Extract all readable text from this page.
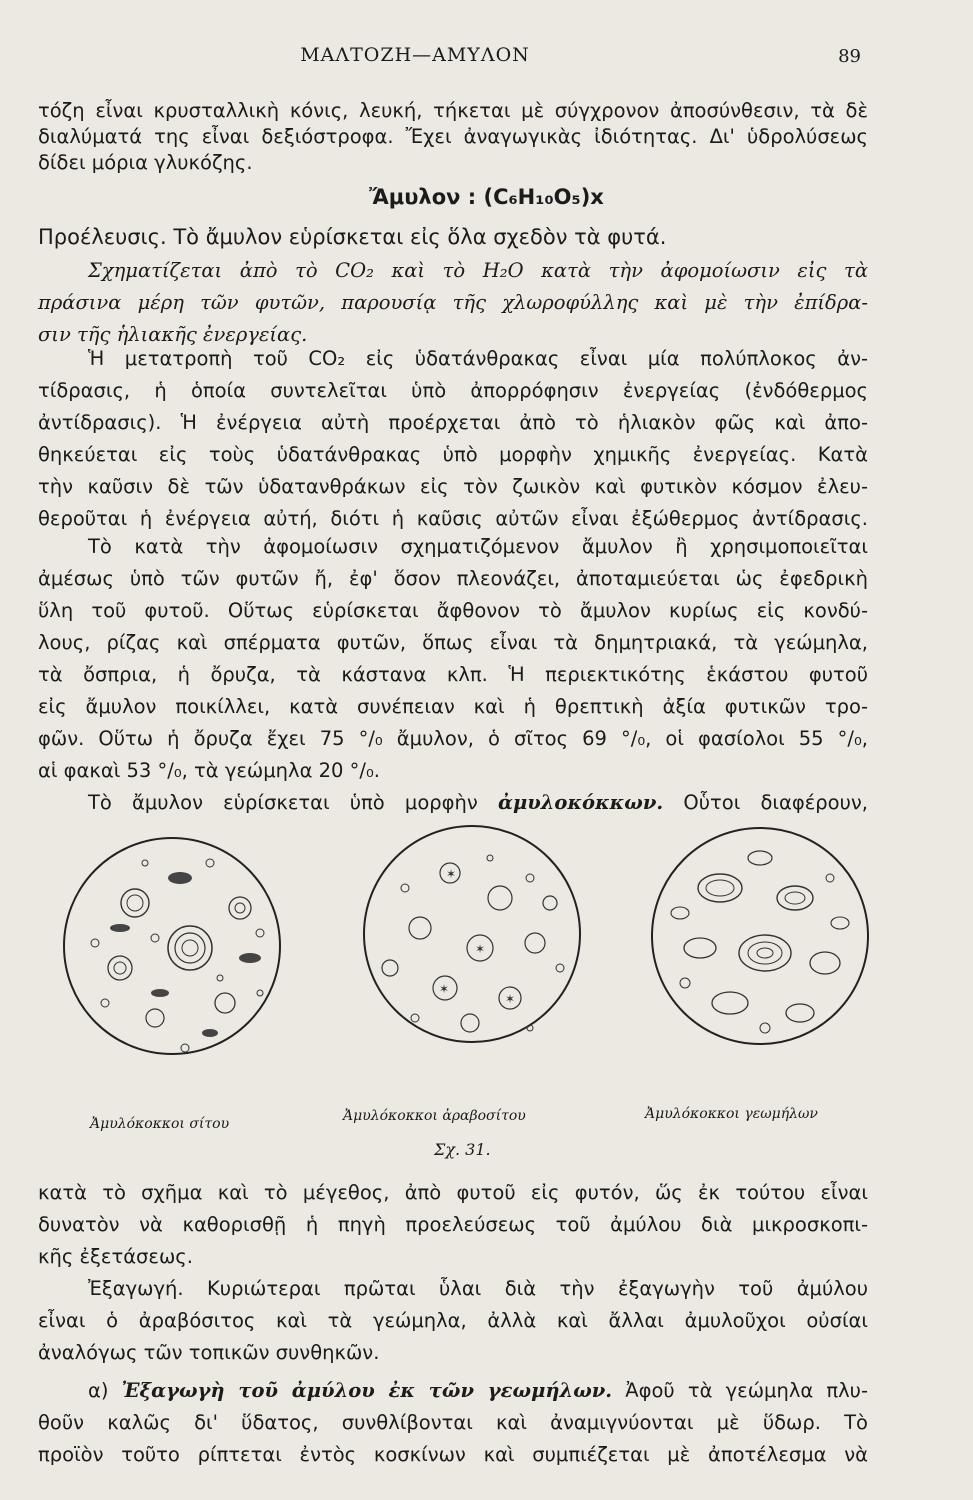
ΜΑΛΤΟΖΗ—ΑΜΥΛΟΝ	89
τόζη εἶναι κρυσταλλικὴ κόνις, λευκή, τήκεται μὲ σύγχρονον ἀποσύνθεσιν, τὰ δὲ
διαλύματά της εἶναι δεξιόστροφα. Ἔχει ἀναγωγικὰς ἰδιότητας. Δι' ὑδρολύσεως
δίδει μόρια γλυκόζης.
Ἄμυλον : (C₆H₁₀O₅)x
Προέλευσις. Τὸ ἄμυλον εὑρίσκεται εἰς ὅλα σχεδὸν τὰ φυτά.
Σχηματίζεται ἀπὸ τὸ CO₂ καὶ τὸ H₂O κατὰ τὴν ἀφομοίωσιν εἰς τὰ
πράσινα μέρη τῶν φυτῶν, παρουσίᾳ τῆς χλωροφύλλης καὶ μὲ τὴν ἐπίδρα-
σιν τῆς ἡλιακῆς ἐνεργείας.
Ἡ μετατροπὴ τοῦ CO₂ εἰς ὑδατάνθρακας εἶναι μία πολύπλοκος ἀν-
τίδρασις, ἡ ὁποία συντελεῖται ὑπὸ ἀπορρόφησιν ἐνεργείας (ἐνδόθερμος
ἀντίδρασις). Ἡ ἐνέργεια αὐτὴ προέρχεται ἀπὸ τὸ ἡλιακὸν φῶς καὶ ἀπο-
θηκεύεται εἰς τοὺς ὑδατάνθρακας ὑπὸ μορφὴν χημικῆς ἐνεργείας. Κατὰ
τὴν καῦσιν δὲ τῶν ὑδατανθράκων εἰς τὸν ζωικὸν καὶ φυτικὸν κόσμον ἐλευ-
θεροῦται ἡ ἐνέργεια αὐτή, διότι ἡ καῦσις αὐτῶν εἶναι ἐξώθερμος ἀντίδρασις.
Τὸ κατὰ τὴν ἀφομοίωσιν σχηματιζόμενον ἄμυλον ἢ χρησιμοποιεῖται
ἀμέσως ὑπὸ τῶν φυτῶν ἤ, ἐφ' ὅσον πλεονάζει, ἀποταμιεύεται ὡς ἐφεδρικὴ
ὕλη τοῦ φυτοῦ. Οὕτως εὑρίσκεται ἄφθονον τὸ ἄμυλον κυρίως εἰς κονδύ-
λους, ρίζας καὶ σπέρματα φυτῶν, ὅπως εἶναι τὰ δημητριακά, τὰ γεώμηλα,
τὰ ὄσπρια, ἡ ὄρυζα, τὰ κάστανα κλπ. Ἡ περιεκτικότης ἑκάστου φυτοῦ
εἰς ἄμυλον ποικίλλει, κατὰ συνέπειαν καὶ ἡ θρεπτικὴ ἀξία φυτικῶν τρο-
φῶν. Οὕτω ἡ ὄρυζα ἔχει 75 °/₀ ἄμυλον, ὁ σῖτος 69 °/₀, οἱ φασίολοι 55 °/₀,
αἱ φακαὶ 53 °/₀, τὰ γεώμηλα 20 °/₀.
Τὸ ἄμυλον εὑρίσκεται ὑπὸ μορφὴν ἀμυλοκόκκων. Οὗτοι διαφέρουν,
✶
✶
✶
✶
Ἀμυλόκοκκοι σίτου	Ἀμυλόκοκκοι ἀραβοσίτου	Ἀμυλόκοκκοι γεωμήλων
Σχ. 31.
κατὰ τὸ σχῆμα καὶ τὸ μέγεθος, ἀπὸ φυτοῦ εἰς φυτόν, ὥς ἐκ τούτου εἶναι
δυνατὸν νὰ καθορισθῇ ἡ πηγὴ προελεύσεως τοῦ ἀμύλου διὰ μικροσκοπι-
κῆς ἐξετάσεως.
Ἐξαγωγή. Κυριώτεραι πρῶται ὗλαι διὰ τὴν ἐξαγωγὴν τοῦ ἀμύλου
εἶναι ὁ ἀραβόσιτος καὶ τὰ γεώμηλα, ἀλλὰ καὶ ἄλλαι ἀμυλοῦχοι οὐσίαι
ἀναλόγως τῶν τοπικῶν συνθηκῶν.
α) Ἐξαγωγὴ τοῦ ἀμύλου ἐκ τῶν γεωμήλων. Ἀφοῦ τὰ γεώμηλα πλυ-
θοῦν καλῶς δι' ὕδατος, συνθλίβονται καὶ ἀναμιγνύονται μὲ ὕδωρ. Τὸ
προϊὸν τοῦτο ρίπτεται ἐντὸς κοσκίνων καὶ συμπιέζεται μὲ ἀποτέλεσμα νὰ
